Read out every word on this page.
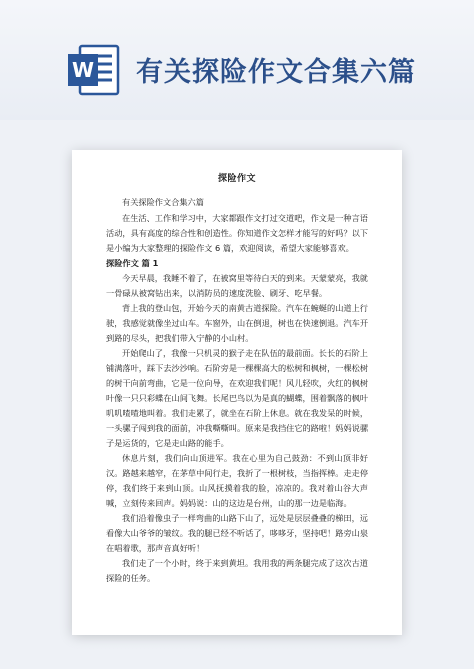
W 有关探险作文合集六篇
探险作文

有关探险作文合集六篇

在生活、工作和学习中，大家都跟作文打过交道吧，作文是一种言语活动，具有高度的综合性和创造性。你知道作文怎样才能写的好吗？以下是小编为大家整理的探险作文 6 篇，欢迎阅读，希望大家能够喜欢。

探险作文 篇 1

今天早晨，我睡不着了，在被窝里等待白天的到来。天蒙蒙亮，我就一骨碌从被窝钻出来，以消防员的速度洗脸、刷牙、吃早餐。

背上我的登山包，开始今天的南黄古道探险。汽车在蜿蜒的山道上行驶，我感觉就像坐过山车。车窗外，山在倒退，树也在快速倒退。汽车开到路的尽头，把我们带入宁静的小山村。

开始爬山了，我像一只机灵的猴子走在队伍的最前面。长长的石阶上铺满落叶，踩下去沙沙响。石阶旁是一棵棵高大的松树和枫树，一棵松树的树干向前弯曲，它是一位向导，在欢迎我们呢！风儿轻吹，火红的枫树叶像一只只彩蝶在山间飞舞。长尾巴鸟以为是真的蝴蝶，围着飘落的枫叶叽叽喳喳地叫着。我们走累了，就坐在石阶上休息。就在我发呆的时候，一头骡子闯到我的面前，冲我嘶嘶叫。原来是我挡住它的路啦！妈妈说骡子是运货的，它是走山路的能手。

休息片刻，我们向山顶进军。我在心里为自己鼓劲：不到山顶非好汉。路越来越窄，在茅草中间行走，我折了一根树枝，当指挥棒。走走停停，我们终于来到山顶。山风抚摸着我的脸，凉凉的。我对着山谷大声喊，立刻传来回声。妈妈说：山的这边是台州，山的那一边是临海。

我们沿着像虫子一样弯曲的山路下山了，远处是层层叠叠的梯田，远看像大山爷爷的皱纹。我的腿已经不听话了，哆哆牙，坚持吧！路旁山泉在唱着歌，那声音真好听！

我们走了一个小时，终于来到黄坦。我用我的两条腿完成了这次古道探险的任务。
